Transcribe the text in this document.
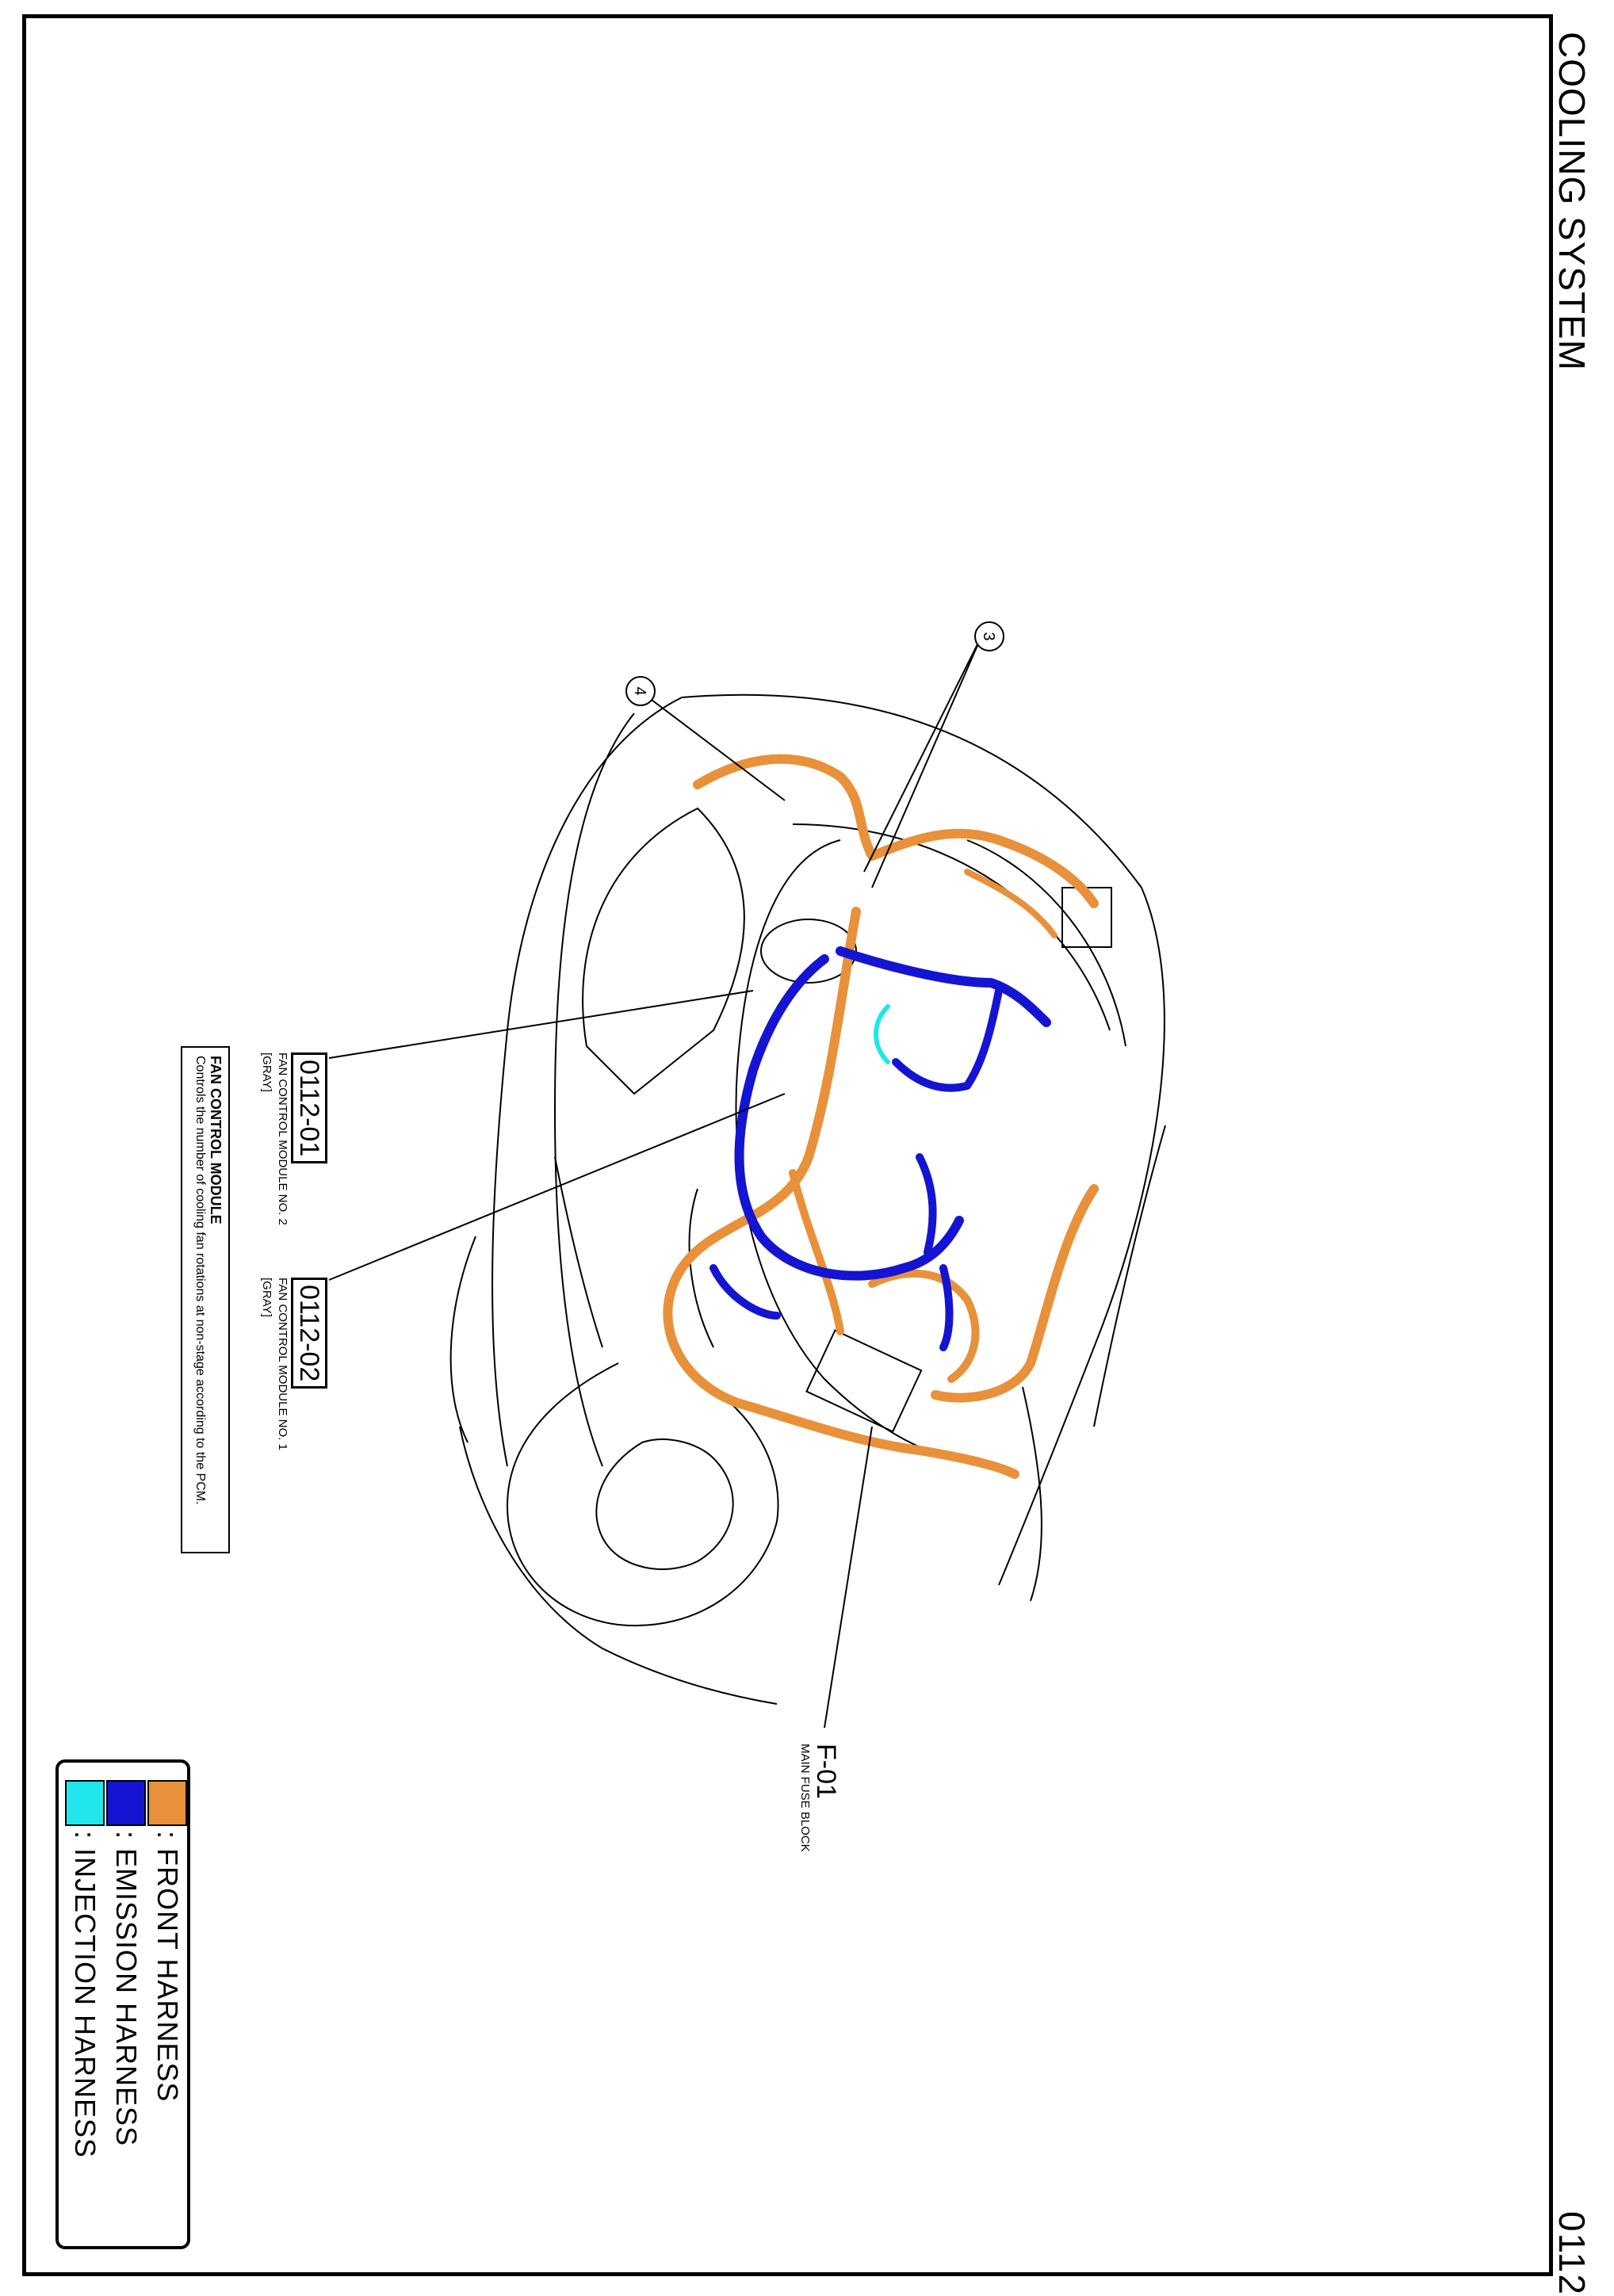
COOLING SYSTEM
0112
3
4
0112-01
FAN CONTROL MODULE NO. 2
[GRAY]
0112-02
FAN CONTROL MODULE NO. 1
[GRAY]
FAN CONTROL MODULE
Controls the number of cooling fan rotations at non-stage according to the PCM.
F-01
MAIN FUSE BLOCK
: FRONT HARNESS
: EMISSION HARNESS
: INJECTION HARNESS
